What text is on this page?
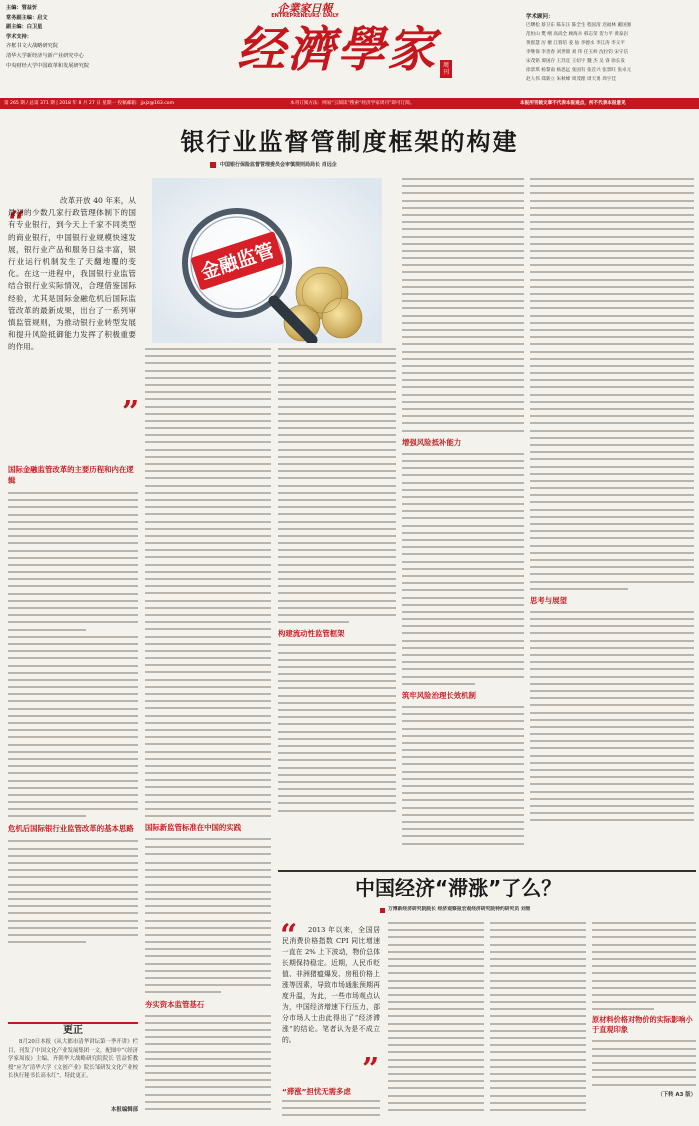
主编：管益忻
常务副主编：启文
副主编：白卫星
学术支持：
齐框书文大战略研究院
清华大学新经济与新产业研究中心
中央财经大学中国政革和发展研究院
企業家日報
ENTREPRENEURS' DAILY
经濟學家 周刊
学术顾问：
巴曙松 蔡卫东 陈东汪 陈全生 程国清 迟福林 戴国强
范恒山 樊 纲 高尚全 顾海兵 韩志荣 贺力平 黄泰岩
黄群慧 厉 檀 江蓉培 姜 仙 李德水 李江涛 李义平
李继保 李善春 刘世锦 刘 伟 任玉岭 沈拉钧 宋守信
宋茂铭 谭国存 王苏宜 王绍宇 魏 杰 吴 睿 徐长发
徐景琪 杨黎南 杨思远 张国有 张首兴 张景旺 张卓元
赵人伟 郑新立 朱秋峰 周茂理 周天勇 周宇佳
第 265 期 / 总第 371 期 | 2018 年 8 月 27 日 星期一 投稿邮箱：jjxjz@163.com	本刊订阅方法：网易“云阅读”搜索“经济学家周刊”即可订阅。	本报所刊载文章不代表本报观点，所不代表本报意见
银行业监督管制度框架的构建
中国银行保险监督管理委员会审慎规则局局长 肖远企
“
改革开放 40 年来，从最初的少数几家行政管理体制下的国有专业银行，到今天上千家不同类型的商业银行，中国银行业规模快速发展，银行业产品和服务日益丰富，银行业运行机制发生了天翻地覆的变化。在这一进程中，我国银行业监管结合银行业实际情况，合理借鉴国际经验，尤其是国际金融危机后国际监管改革的最新成果，出台了一系列审慎监管规则，为推动银行业转型发展和提升风险抵御能力发挥了积极重要的作用。
”
金融监管
国际金融监管改革的主要历程和内在逻辑
危机后国际银行业监管改革的基本思路
更正
8月20日本报《从大都市清华讲坛第一季开讲》栏目，刊发了中国文化产业发展集团一文，配图中“《经济学家周报》主编、齐朝华大战略研究院院长 管益忻教授”应为“清华大学《文创产业》院长邹研发文化产业校长执行秘书长高永红”，特此更正。
本报编辑部
国际新监管标准在中国的实践
夯实资本监管基石
构建流动性监管框架
增强风险抵补能力
筑牢风险治理长效机制
思考与展望
中国经济“滞涨”了么？
万博新经济研究院院长 经济观察报宏观经济研究院特约研究员 刘智
“	2013 年以来，全国居民消费价格指数 CPI 同比增速一直在 2% 上下波动，物价总体长期保持稳定。近期，人民币贬值、非洲猪瘟爆发、房租价格上涨等因素，导致市场通胀预期再度升温，为此，一些市场观点认为，中国经济增速下行压力，部分市场人士由此得出了“经济滞涨”的结论。笔者认为是不成立的。
”
“滞涨”担忧无需多虑
原材料价格对物价的实际影响小于直观印象
（下转 A3 版）
